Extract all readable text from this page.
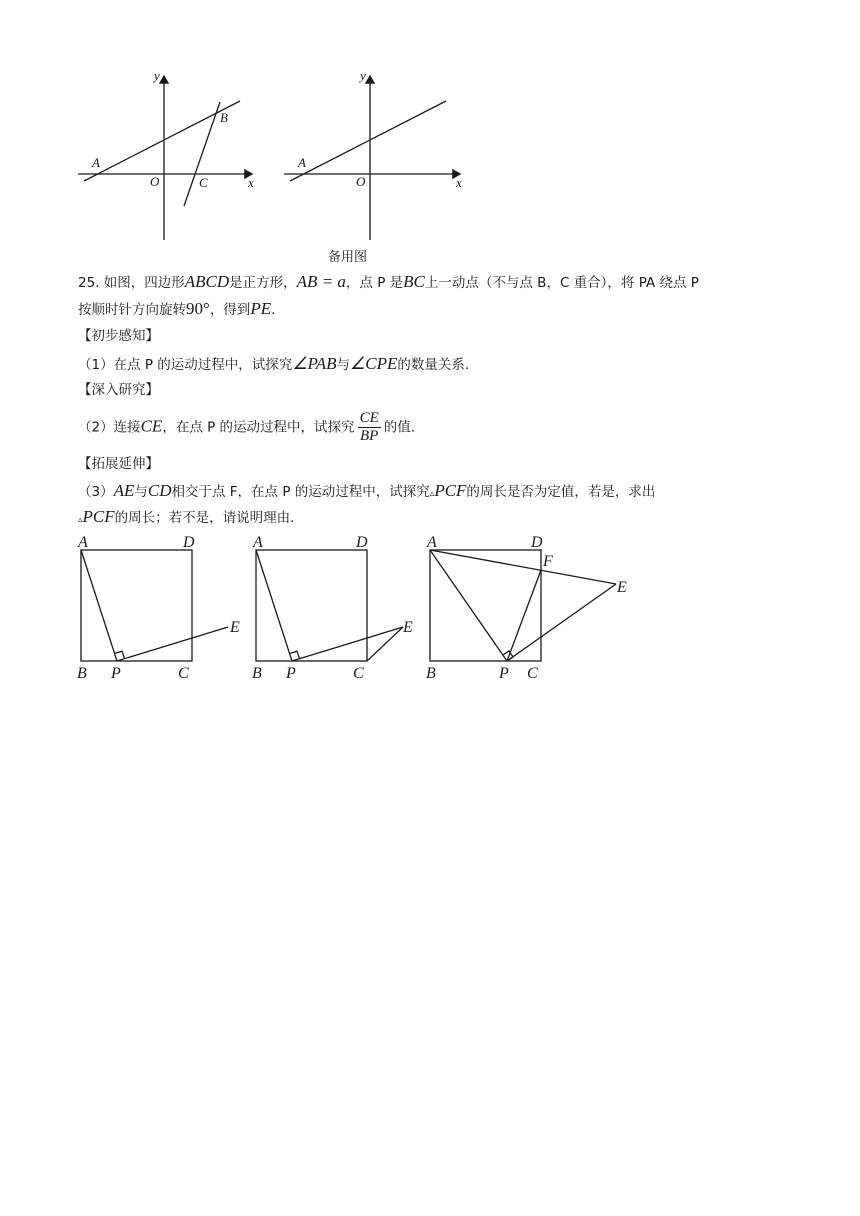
y
x
A
B
C
O
y
x
A
O
备用图
25. 如图，四边形ABCD是正方形，AB = a，点 P 是BC上一动点（不与点 B，C 重合），将 PA 绕点 P
按顺时针方向旋转90°，得到PE.
【初步感知】
（1）在点 P 的运动过程中，试探究∠PAB与∠CPE的数量关系.
【深入研究】
（2）连接CE，在点 P 的运动过程中，试探究 $\frac{CE}{BP}$ 的值.
【拓展延伸】
（3）AE与CD相交于点 F，在点 P 的运动过程中，试探究▵PCF的周长是否为定值，若是，求出
▵PCF的周长；若不是，请说明理由.
A	D
B P	C
E
A	D
B P	C
E
A	D
F
E
B	P C
